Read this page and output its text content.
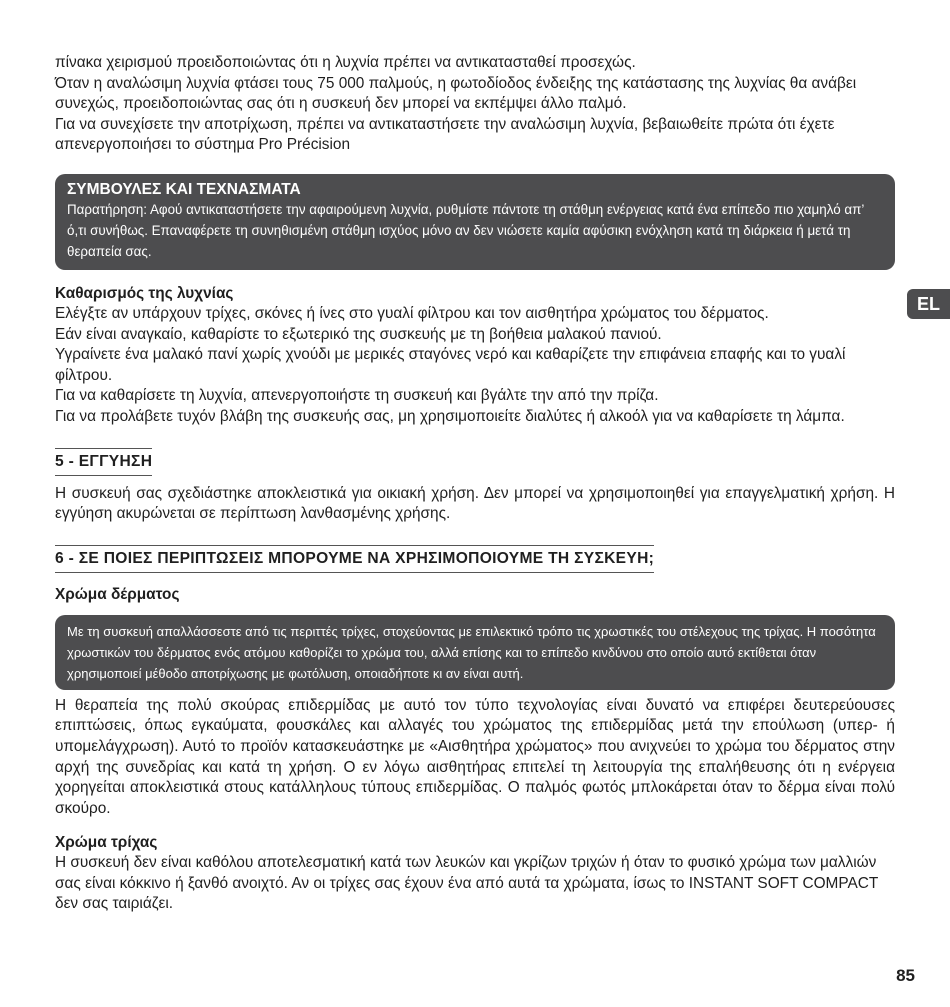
πίνακα χειρισμού προειδοποιώντας ότι η λυχνία πρέπει να αντικατασταθεί προσεχώς.

Όταν η αναλώσιμη λυχνία φτάσει τους 75 000 παλμούς, η φωτοδίοδος ένδειξης της κατάστασης της λυχνίας θα ανάβει συνεχώς, προειδοποιώντας σας ότι η συσκευή δεν μπορεί να εκπέμψει άλλο παλμό.

Για να συνεχίσετε την αποτρίχωση, πρέπει να αντικαταστήσετε την αναλώσιμη λυχνία, βεβαιωθείτε πρώτα ότι έχετε απενεργοποιήσει το σύστημα Pro Précision

ΣΥΜΒΟΥΛΕΣ ΚΑΙ ΤΕΧΝΑΣΜΑΤΑ

Παρατήρηση: Αφού αντικαταστήσετε την αφαιρούμενη λυχνία, ρυθμίστε πάντοτε τη στάθμη ενέργειας κατά ένα επίπεδο πιο χαμηλό απ’ ό,τι συνήθως. Επαναφέρετε τη συνηθισμένη στάθμη ισχύος μόνο αν δεν νιώσετε καμία αφύσικη ενόχληση κατά τη διάρκεια ή μετά τη θεραπεία σας.

Καθαρισμός της λυχνίας

Ελέγξτε αν υπάρχουν τρίχες, σκόνες ή ίνες στο γυαλί φίλτρου και τον αισθητήρα χρώματος του δέρματος.

Εάν είναι αναγκαίο, καθαρίστε το εξωτερικό της συσκευής με τη βοήθεια μαλακού πανιού.

Υγραίνετε ένα μαλακό πανί χωρίς χνούδι με μερικές σταγόνες νερό και καθαρίζετε την επιφάνεια επαφής και το γυαλί φίλτρου.

Για να καθαρίσετε τη λυχνία, απενεργοποιήστε τη συσκευή και βγάλτε την από την πρίζα.

Για να προλάβετε τυχόν βλάβη της συσκευής σας, μη χρησιμοποιείτε διαλύτες ή αλκοόλ για να καθαρίσετε τη λάμπα.

5 - ΕΓΓΥΗΣΗ

Η συσκευή σας σχεδιάστηκε αποκλειστικά για οικιακή χρήση. Δεν μπορεί να χρησιμοποιηθεί για επαγγελματική χρήση. Η εγγύηση ακυρώνεται σε περίπτωση λανθασμένης χρήσης.

6 - ΣΕ ΠΟΙΕΣ ΠΕΡΙΠΤΩΣΕΙΣ ΜΠΟΡΟΥΜΕ ΝΑ ΧΡΗΣΙΜΟΠΟΙΟΥΜΕ ΤΗ ΣΥΣΚΕΥΗ;

Χρώμα δέρματος

Με τη συσκευή απαλλάσσεστε από τις περιττές τρίχες, στοχεύοντας με επιλεκτικό τρόπο τις χρωστικές του στέλεχους της τρίχας. Η ποσότητα χρωστικών του δέρματος ενός ατόμου καθορίζει το χρώμα του, αλλά επίσης και το επίπεδο κινδύνου στο οποίο αυτό εκτίθεται όταν χρησιμοποιεί μέθοδο αποτρίχωσης με φωτόλυση, οποιαδήποτε κι αν είναι αυτή.

Η θεραπεία της πολύ σκούρας επιδερμίδας με αυτό τον τύπο τεχνολογίας είναι δυνατό να επιφέρει δευτερεύουσες επιπτώσεις, όπως εγκαύματα, φουσκάλες και αλλαγές του χρώματος της επιδερμίδας μετά την επούλωση (υπερ- ή υπομελάγχρωση). Αυτό το προϊόν κατασκευάστηκε με «Αισθητήρα χρώματος» που ανιχνεύει το χρώμα του δέρματος στην αρχή της συνεδρίας και κατά τη χρήση. Ο εν λόγω αισθητήρας επιτελεί τη λειτουργία της επαλήθευσης ότι η ενέργεια χορηγείται αποκλειστικά στους κατάλληλους τύπους επιδερμίδας. Ο παλμός φωτός μπλοκάρεται όταν το δέρμα είναι πολύ σκούρο.

Χρώμα τρίχας

Η συσκευή δεν είναι καθόλου αποτελεσματική κατά των λευκών και γκρίζων τριχών ή όταν το φυσικό χρώμα των μαλλιών σας είναι κόκκινο ή ξανθό ανοιχτό. Αν οι τρίχες σας έχουν ένα από αυτά τα χρώματα, ίσως το INSTANT SOFT COMPACT δεν σας ταιριάζει.

EL
85
